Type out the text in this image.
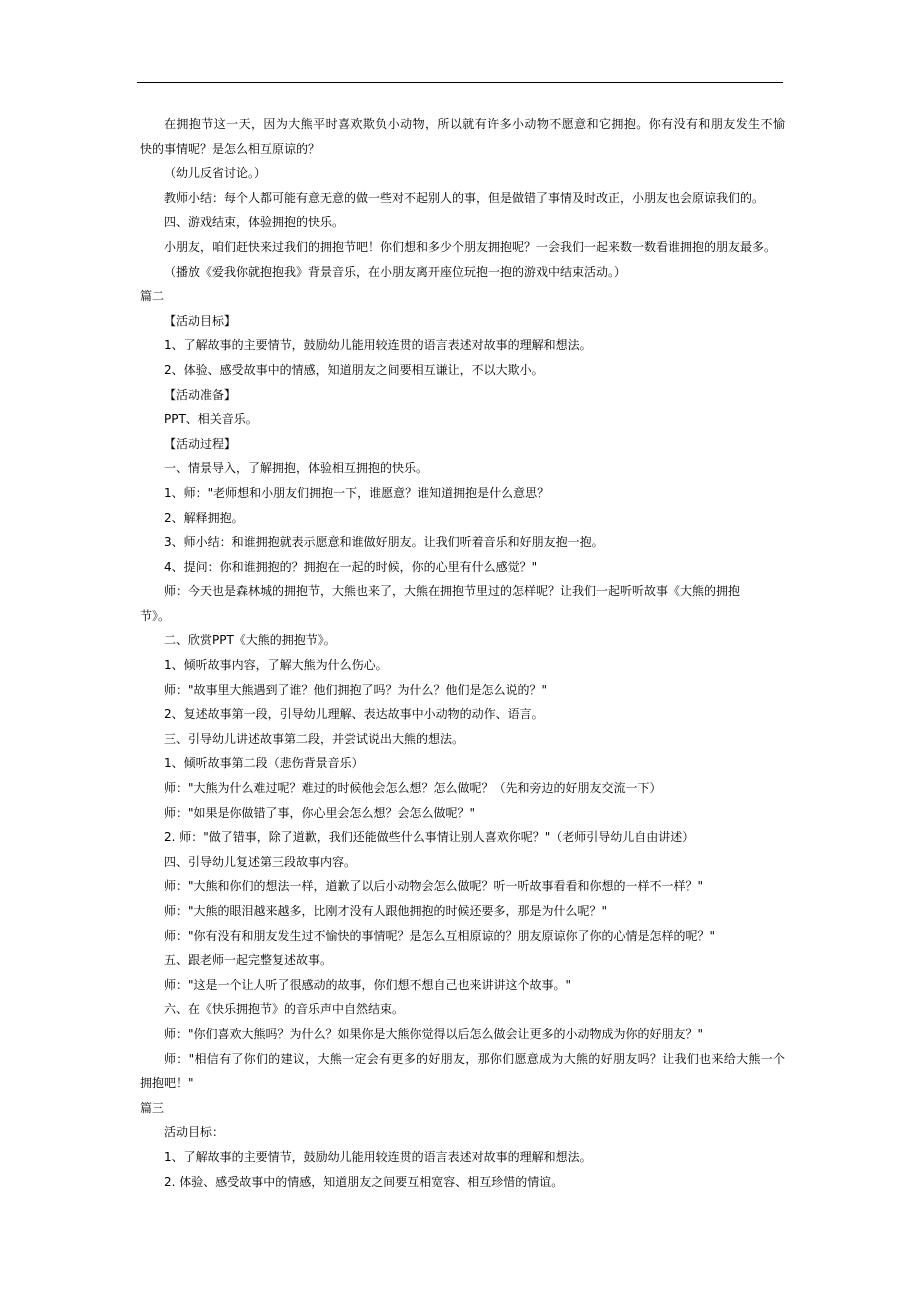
在拥抱节这一天，因为大熊平时喜欢欺负小动物，所以就有许多小动物不愿意和它拥抱。你有没有和朋友发生不愉
快的事情呢？是怎么相互原谅的？
（幼儿反省讨论。）
教师小结：每个人都可能有意无意的做一些对不起别人的事，但是做错了事情及时改正，小朋友也会原谅我们的。
四、游戏结束，体验拥抱的快乐。
小朋友，咱们赶快来过我们的拥抱节吧！你们想和多少个朋友拥抱呢？一会我们一起来数一数看谁拥抱的朋友最多。
（播放《爱我你就抱抱我》背景音乐，在小朋友离开座位玩抱一抱的游戏中结束活动。）
篇二
【活动目标】
1、了解故事的主要情节，鼓励幼儿能用较连贯的语言表述对故事的理解和想法。
2、体验、感受故事中的情感，知道朋友之间要相互谦让，不以大欺小。
【活动准备】
PPT、相关音乐。
【活动过程】
一、情景导入，了解拥抱，体验相互拥抱的快乐。
1、师："老师想和小朋友们拥抱一下，谁愿意？谁知道拥抱是什么意思？
2、解释拥抱。
3、师小结：和谁拥抱就表示愿意和谁做好朋友。让我们听着音乐和好朋友抱一抱。
4、提问：你和谁拥抱的？拥抱在一起的时候，你的心里有什么感觉？"
师：今天也是森林城的拥抱节，大熊也来了，大熊在拥抱节里过的怎样呢？让我们一起听听故事《大熊的拥抱
节》。
二、欣赏PPT《大熊的拥抱节》。
1、倾听故事内容，了解大熊为什么伤心。
师："故事里大熊遇到了谁？他们拥抱了吗？为什么？他们是怎么说的？"
2、复述故事第一段，引导幼儿理解、表达故事中小动物的动作、语言。
三、引导幼儿讲述故事第二段，并尝试说出大熊的想法。
1、倾听故事第二段（悲伤背景音乐）
师："大熊为什么难过呢？难过的时候他会怎么想？怎么做呢？（先和旁边的好朋友交流一下）
师："如果是你做错了事，你心里会怎么想？会怎么做呢？"
2. 师："做了错事，除了道歉，我们还能做些什么事情让别人喜欢你呢？"（老师引导幼儿自由讲述）
四、引导幼儿复述第三段故事内容。
师："大熊和你们的想法一样，道歉了以后小动物会怎么做呢？听一听故事看看和你想的一样不一样？"
师："大熊的眼泪越来越多，比刚才没有人跟他拥抱的时候还要多，那是为什么呢？"
师："你有没有和朋友发生过不愉快的事情呢？是怎么互相原谅的？朋友原谅你了你的心情是怎样的呢？"
五、跟老师一起完整复述故事。
师："这是一个让人听了很感动的故事，你们想不想自己也来讲讲这个故事。"
六、在《快乐拥抱节》的音乐声中自然结束。
师："你们喜欢大熊吗？为什么？如果你是大熊你觉得以后怎么做会让更多的小动物成为你的好朋友？"
师："相信有了你们的建议，大熊一定会有更多的好朋友，那你们愿意成为大熊的好朋友吗？让我们也来给大熊一个
拥抱吧！"
篇三
活动目标：
1、了解故事的主要情节，鼓励幼儿能用较连贯的语言表述对故事的理解和想法。
2. 体验、感受故事中的情感，知道朋友之间要互相宽容、相互珍惜的情谊。
